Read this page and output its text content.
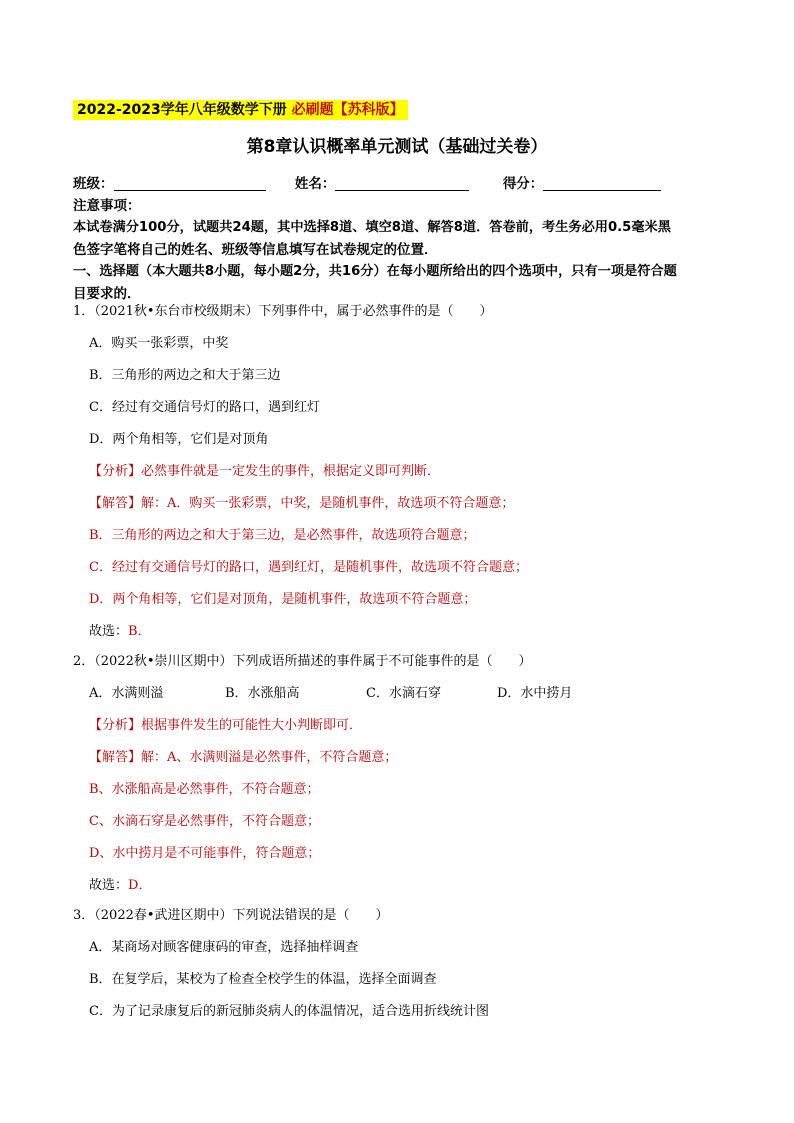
2022-2023学年八年级数学下册 必刷题【苏科版】
第8章认识概率单元测试（基础过关卷）
班级：	姓名：	得分：
注意事项：
本试卷满分100分，试题共24题，其中选择8道、填空8道、解答8道．答卷前，考生务必用0.5毫米黑
色签字笔将自己的姓名、班级等信息填写在试卷规定的位置．
一、选择题（本大题共8小题，每小题2分，共16分）在每小题所给出的四个选项中，只有一项是符合题
目要求的．
1．（2021秋•东台市校级期末）下列事件中，属于必然事件的是（　　）
A．购买一张彩票，中奖
B．三角形的两边之和大于第三边
C．经过有交通信号灯的路口，遇到红灯
D．两个角相等，它们是对顶角
【分析】必然事件就是一定发生的事件，根据定义即可判断．
【解答】解：A．购买一张彩票，中奖，是随机事件，故选项不符合题意；
B．三角形的两边之和大于第三边，是必然事件，故选项符合题意；
C．经过有交通信号灯的路口，遇到红灯，是随机事件，故选项不符合题意；
D．两个角相等，它们是对顶角，是随机事件，故选项不符合题意；
故选：B．
2．（2022秋•崇川区期中）下列成语所描述的事件属于不可能事件的是（　　）
A．水满则溢	B．水涨船高	C．水滴石穿	D．水中捞月
【分析】根据事件发生的可能性大小判断即可．
【解答】解：A、水满则溢是必然事件，不符合题意；
B、水涨船高是必然事件，不符合题意；
C、水滴石穿是必然事件，不符合题意；
D、水中捞月是不可能事件，符合题意；
故选：D．
3．（2022春•武进区期中）下列说法错误的是（　　）
A．某商场对顾客健康码的审查，选择抽样调查
B．在复学后，某校为了检查全校学生的体温，选择全面调查
C．为了记录康复后的新冠肺炎病人的体温情况，适合选用折线统计图
